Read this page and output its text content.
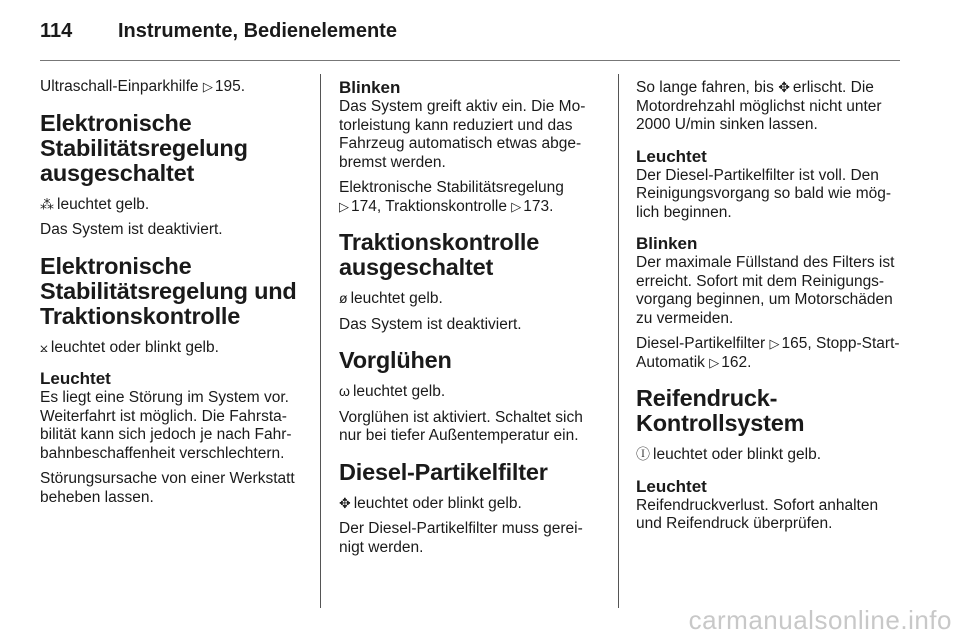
114	Instrumente, Bedienelemente

Ultraschall-Einparkhilfe ▷ 195.

Elektronische Stabilitätsregelung ausgeschaltet

⁂ leuchtet gelb.

Das System ist deaktiviert.

Elektronische Stabilitätsregelung und Traktionskontrolle

⨲ leuchtet oder blinkt gelb.

Leuchtet

Es liegt eine Störung im System vor. Weiterfahrt ist möglich. Die Fahrsta-bilität kann sich jedoch je nach Fahr-bahnbeschaffenheit verschlechtern.

Störungsursache von einer Werkstatt beheben lassen.

Blinken

Das System greift aktiv ein. Die Mo-torleistung kann reduziert und das Fahrzeug automatisch etwas abge-bremst werden.

Elektronische Stabilitätsregelung
▷ 174, Traktionskontrolle ▷ 173.

Traktionskontrolle ausgeschaltet

ø leuchtet gelb.

Das System ist deaktiviert.

Vorglühen

ω leuchtet gelb.

Vorglühen ist aktiviert. Schaltet sich nur bei tiefer Außentemperatur ein.

Diesel-Partikelfilter

✥ leuchtet oder blinkt gelb.

Der Diesel-Partikelfilter muss gerei-nigt werden.

So lange fahren, bis ✥ erlischt. Die Motordrehzahl möglichst nicht unter 2000 U/min sinken lassen.

Leuchtet

Der Diesel-Partikelfilter ist voll. Den Reinigungsvorgang so bald wie mög-lich beginnen.

Blinken

Der maximale Füllstand des Filters ist erreicht. Sofort mit dem Reinigungs-vorgang beginnen, um Motorschäden zu vermeiden.

Diesel-Partikelfilter ▷ 165, Stopp-Start-Automatik ▷ 162.

Reifendruck-Kontrollsystem

Ⓘ leuchtet oder blinkt gelb.

Leuchtet

Reifendruckverlust. Sofort anhalten und Reifendruck überprüfen.

carmanualsonline.info
